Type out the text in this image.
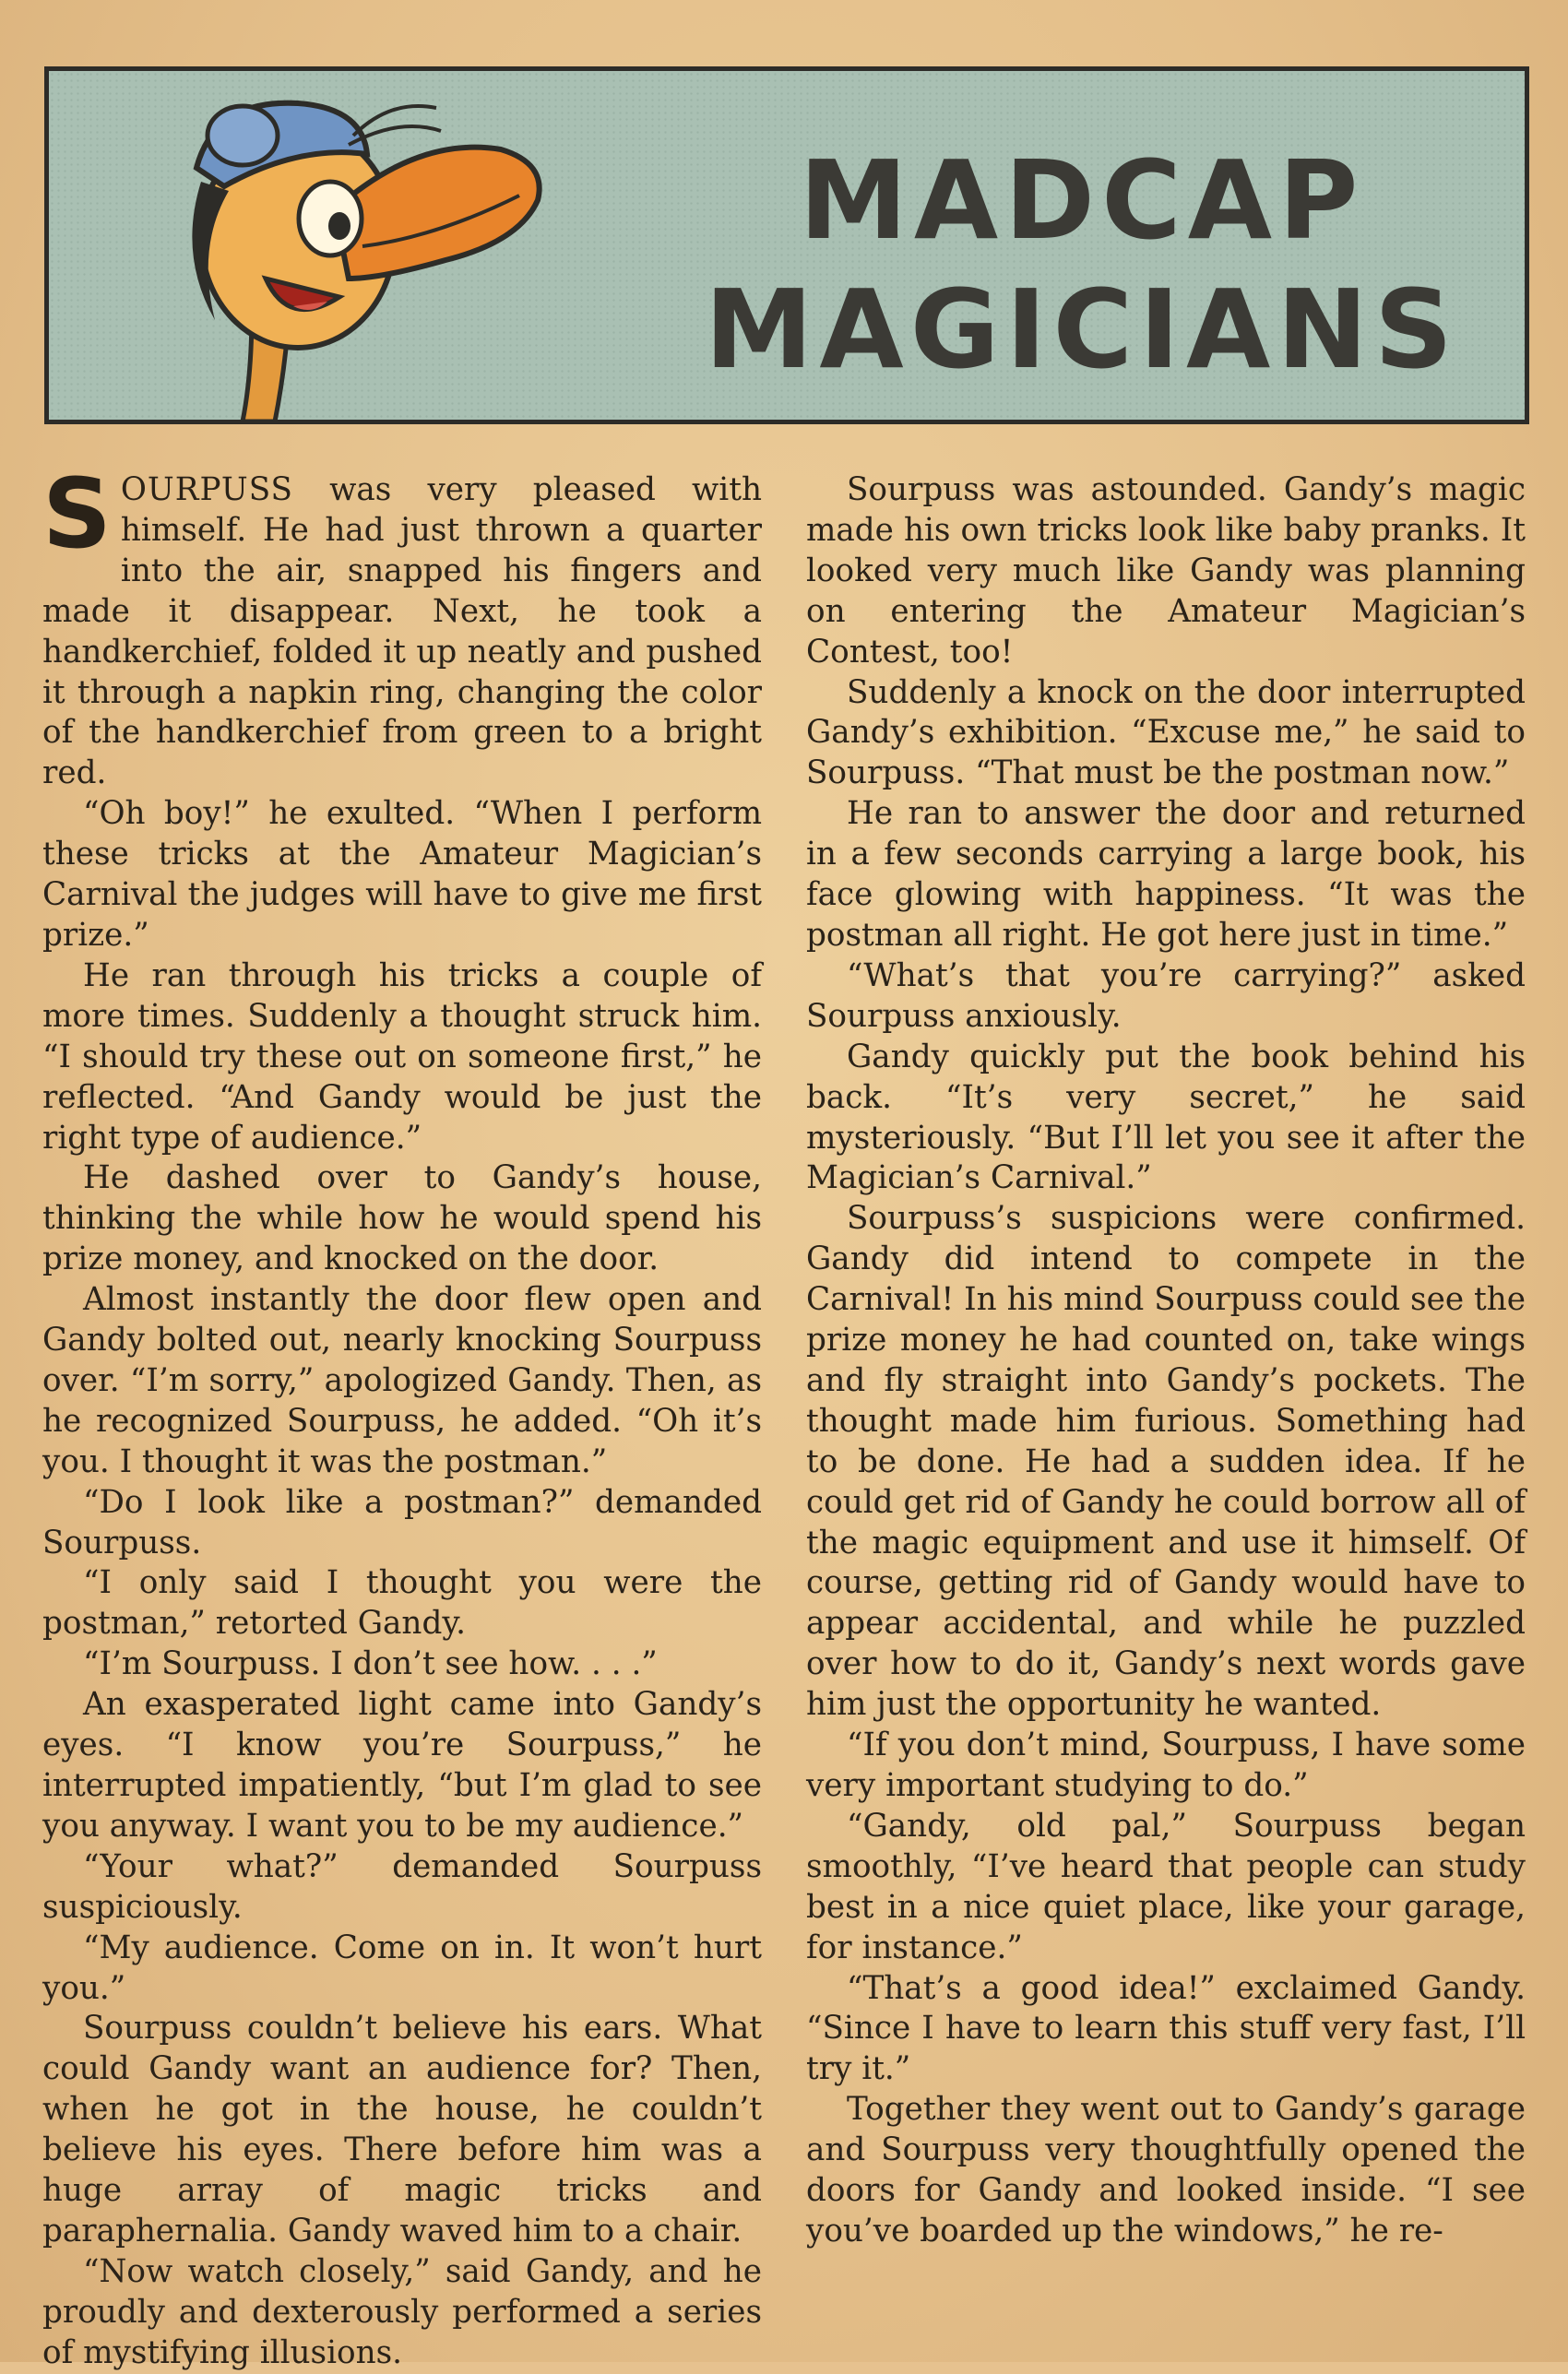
MADCAP
MAGICIANS

SOURPUSS was very pleased with himself. He had just thrown a quarter into the air, snapped his fingers and made it disappear. Next, he took a handkerchief, folded it up neatly and pushed it through a napkin ring, changing the color of the handkerchief from green to a bright red.

“Oh boy!” he exulted. “When I perform these tricks at the Amateur Magician’s Carnival the judges will have to give me first prize.”

He ran through his tricks a couple of more times. Suddenly a thought struck him. “I should try these out on someone first,” he reflected. “And Gandy would be just the right type of audience.”

He dashed over to Gandy’s house, thinking the while how he would spend his prize money, and knocked on the door.

Almost instantly the door flew open and Gandy bolted out, nearly knocking Sourpuss over. “I’m sorry,” apologized Gandy. Then, as he recognized Sourpuss, he added. “Oh it’s you. I thought it was the postman.”

“Do I look like a postman?” demanded Sourpuss.

“I only said I thought you were the postman,” retorted Gandy.

“I’m Sourpuss. I don’t see how. . . .”

An exasperated light came into Gandy’s eyes. “I know you’re Sourpuss,” he interrupted impatiently, “but I’m glad to see you anyway. I want you to be my audience.”

“Your what?” demanded Sourpuss suspiciously.

“My audience. Come on in. It won’t hurt you.”

Sourpuss couldn’t believe his ears. What could Gandy want an audience for? Then, when he got in the house, he couldn’t believe his eyes. There before him was a huge array of magic tricks and paraphernalia. Gandy waved him to a chair.

“Now watch closely,” said Gandy, and he proudly and dexterously performed a series of mystifying illusions.

Sourpuss was astounded. Gandy’s magic made his own tricks look like baby pranks. It looked very much like Gandy was planning on entering the Amateur Magician’s Contest, too!

Suddenly a knock on the door interrupted Gandy’s exhibition. “Excuse me,” he said to Sourpuss. “That must be the postman now.”

He ran to answer the door and returned in a few seconds carrying a large book, his face glowing with happiness. “It was the postman all right. He got here just in time.”

“What’s that you’re carrying?” asked Sourpuss anxiously.

Gandy quickly put the book behind his back. “It’s very secret,” he said mysteriously. “But I’ll let you see it after the Magician’s Carnival.”

Sourpuss’s suspicions were confirmed. Gandy did intend to compete in the Carnival! In his mind Sourpuss could see the prize money he had counted on, take wings and fly straight into Gandy’s pockets. The thought made him furious. Something had to be done. He had a sudden idea. If he could get rid of Gandy he could borrow all of the magic equipment and use it himself. Of course, getting rid of Gandy would have to appear accidental, and while he puzzled over how to do it, Gandy’s next words gave him just the opportunity he wanted.

“If you don’t mind, Sourpuss, I have some very important studying to do.”

“Gandy, old pal,” Sourpuss began smoothly, “I’ve heard that people can study best in a nice quiet place, like your garage, for instance.”

“That’s a good idea!” exclaimed Gandy. “Since I have to learn this stuff very fast, I’ll try it.”

Together they went out to Gandy’s garage and Sourpuss very thoughtfully opened the doors for Gandy and looked inside. “I see you’ve boarded up the windows,” he re-
